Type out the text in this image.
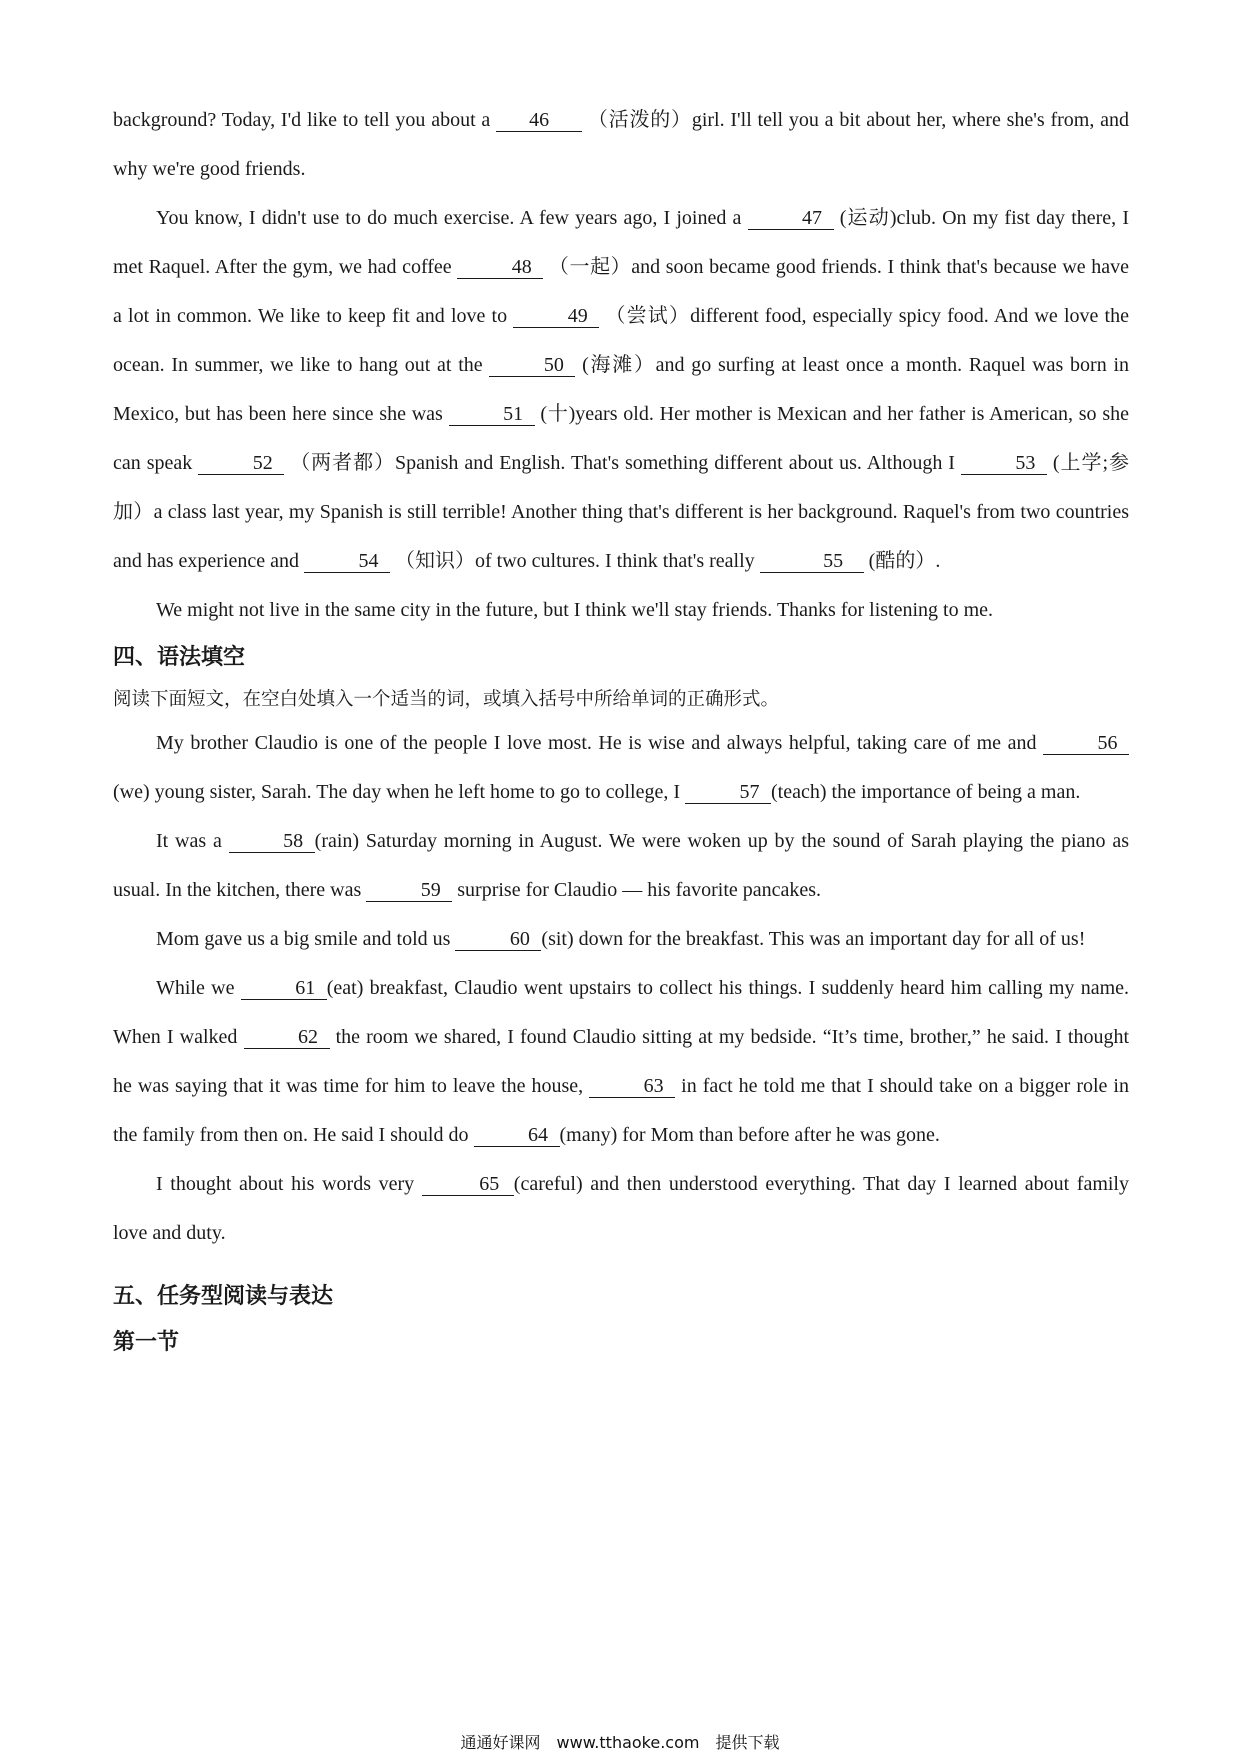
background? Today, I'd like to tell you about a 46 （活泼的）girl. I'll tell you a bit about her, where she's from, and why we're good friends.

You know, I didn't use to do much exercise. A few years ago, I joined a	47 (运动)club. On my fist day there, I met Raquel. After the gym, we had coffee	48 （一起）and soon became good friends. I think that's because we have a lot in common. We like to keep fit and love to	49 （尝试）different food, especially spicy food. And we love the ocean. In summer, we like to hang out at the	50 (海滩）and go surfing at least once a month. Raquel was born in Mexico, but has been here since she was	51 (十)years old. Her mother is Mexican and her father is American, so she can speak	52 （两者都）Spanish and English. That's something different about us. Although I	53 (上学;参加）a class last year, my Spanish is still terrible! Another thing that's different is her background. Raquel's from two countries and has experience and	54 （知识）of two cultures. I think that's really	55 (酷的）.

We might not live in the same city in the future, but I think we'll stay friends. Thanks for listening to me.

四、语法填空

阅读下面短文，在空白处填入一个适当的词，或填入括号中所给单词的正确形式。

My brother Claudio is one of the people I love most. He is wise and always helpful, taking care of me and	56(we) young sister, Sarah. The day when he left home to go to college, I	57 (teach) the importance of being a man.

It was a	58 (rain) Saturday morning in August. We were woken up by the sound of Sarah playing the piano as usual. In the kitchen, there was	59 surprise for Claudio — his favorite pancakes.

Mom gave us a big smile and told us	60 (sit) down for the breakfast. This was an important day for all of us!

While we	61 (eat) breakfast, Claudio went upstairs to collect his things. I suddenly heard him calling my name. When I walked	62 the room we shared, I found Claudio sitting at my bedside. “It’s time, brother,” he said. I thought he was saying that it was time for him to leave the house,	63 in fact he told me that I should take on a bigger role in the family from then on. He said I should do	64 (many) for Mom than before after he was gone.

I thought about his words very	65 (careful) and then understood everything. That day I learned about family　love and duty.

五、任务型阅读与表达
第一节
通通好课网　www.tthaoke.com　提供下载
